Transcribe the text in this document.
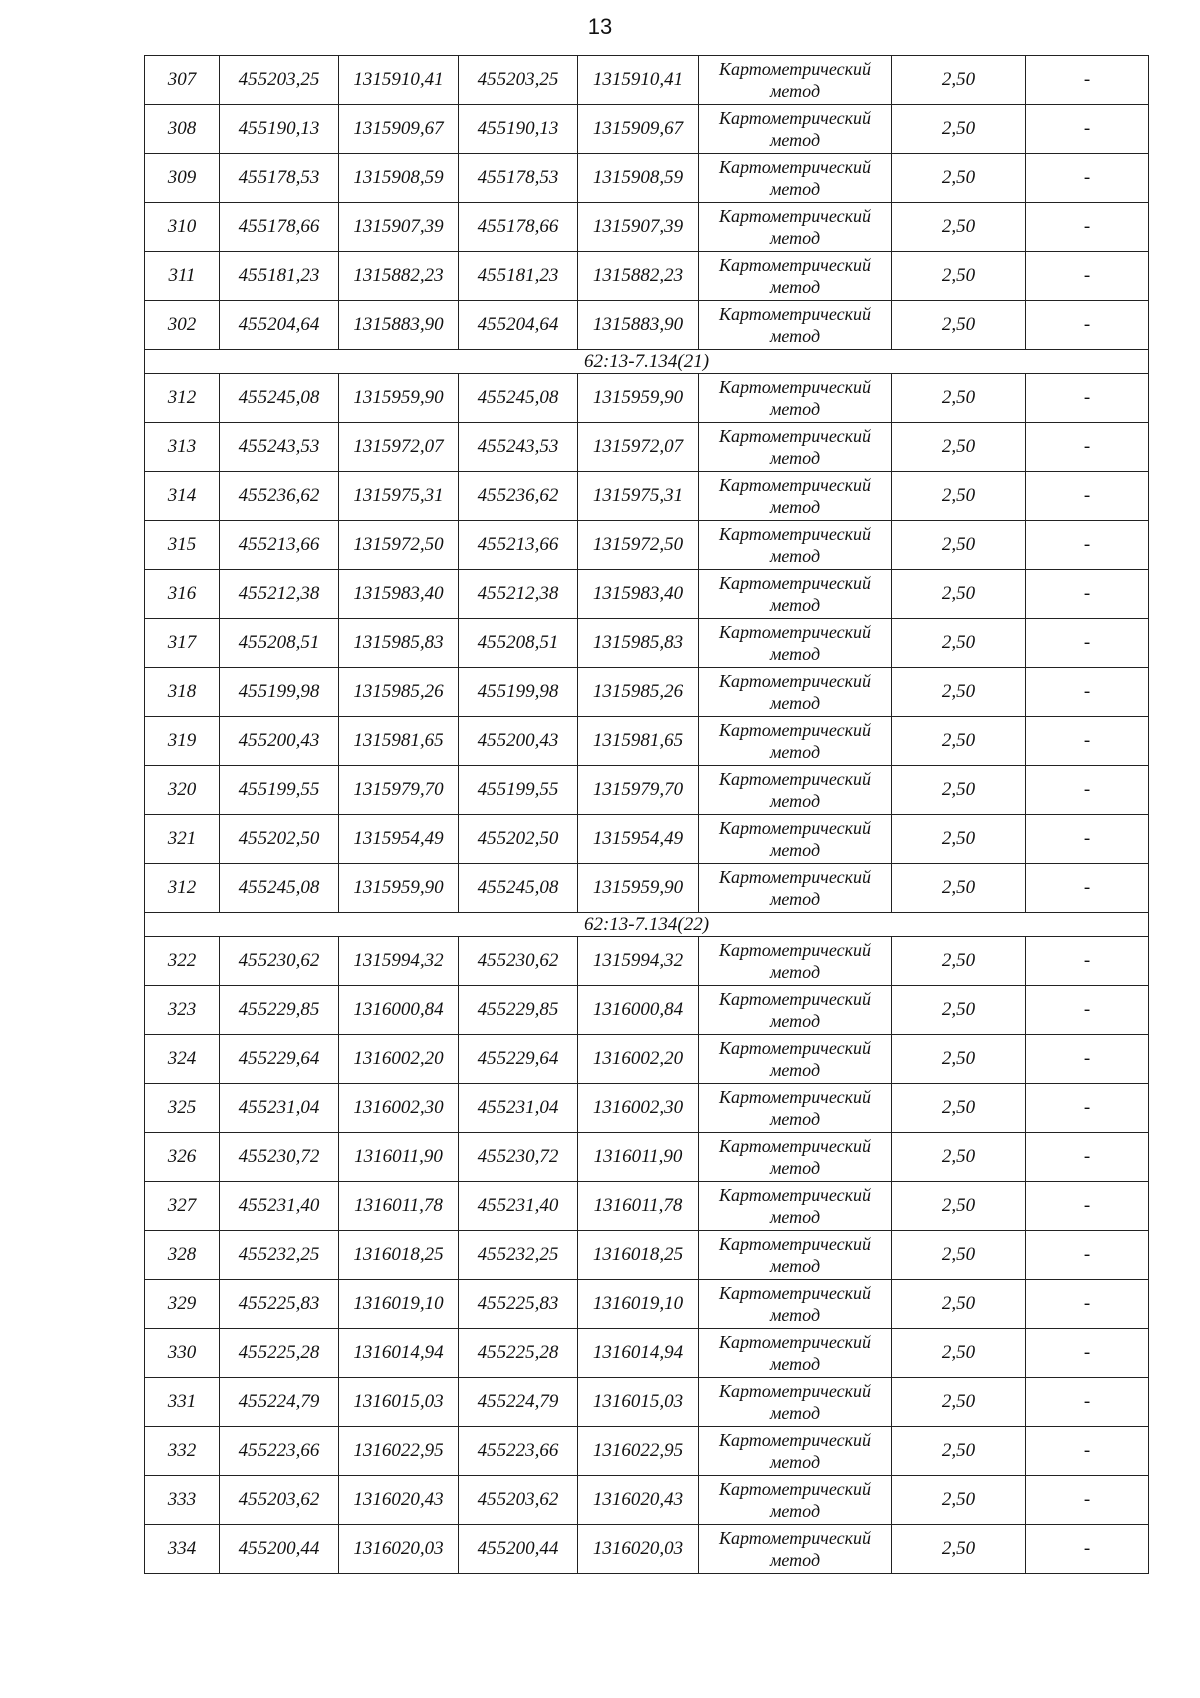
13
307	455203,25	1315910,41	455203,25	1315910,41	Картометрический метод	2,50	-
308	455190,13	1315909,67	455190,13	1315909,67	Картометрический метод	2,50	-
309	455178,53	1315908,59	455178,53	1315908,59	Картометрический метод	2,50	-
310	455178,66	1315907,39	455178,66	1315907,39	Картометрический метод	2,50	-
311	455181,23	1315882,23	455181,23	1315882,23	Картометрический метод	2,50	-
302	455204,64	1315883,90	455204,64	1315883,90	Картометрический метод	2,50	-
62:13-7.134(21)							
312	455245,08	1315959,90	455245,08	1315959,90	Картометрический метод	2,50	-
313	455243,53	1315972,07	455243,53	1315972,07	Картометрический метод	2,50	-
314	455236,62	1315975,31	455236,62	1315975,31	Картометрический метод	2,50	-
315	455213,66	1315972,50	455213,66	1315972,50	Картометрический метод	2,50	-
316	455212,38	1315983,40	455212,38	1315983,40	Картометрический метод	2,50	-
317	455208,51	1315985,83	455208,51	1315985,83	Картометрический метод	2,50	-
318	455199,98	1315985,26	455199,98	1315985,26	Картометрический метод	2,50	-
319	455200,43	1315981,65	455200,43	1315981,65	Картометрический метод	2,50	-
320	455199,55	1315979,70	455199,55	1315979,70	Картометрический метод	2,50	-
321	455202,50	1315954,49	455202,50	1315954,49	Картометрический метод	2,50	-
312	455245,08	1315959,90	455245,08	1315959,90	Картометрический метод	2,50	-
62:13-7.134(22)							
322	455230,62	1315994,32	455230,62	1315994,32	Картометрический метод	2,50	-
323	455229,85	1316000,84	455229,85	1316000,84	Картометрический метод	2,50	-
324	455229,64	1316002,20	455229,64	1316002,20	Картометрический метод	2,50	-
325	455231,04	1316002,30	455231,04	1316002,30	Картометрический метод	2,50	-
326	455230,72	1316011,90	455230,72	1316011,90	Картометрический метод	2,50	-
327	455231,40	1316011,78	455231,40	1316011,78	Картометрический метод	2,50	-
328	455232,25	1316018,25	455232,25	1316018,25	Картометрический метод	2,50	-
329	455225,83	1316019,10	455225,83	1316019,10	Картометрический метод	2,50	-
330	455225,28	1316014,94	455225,28	1316014,94	Картометрический метод	2,50	-
331	455224,79	1316015,03	455224,79	1316015,03	Картометрический метод	2,50	-
332	455223,66	1316022,95	455223,66	1316022,95	Картометрический метод	2,50	-
333	455203,62	1316020,43	455203,62	1316020,43	Картометрический метод	2,50	-
334	455200,44	1316020,03	455200,44	1316020,03	Картометрический метод	2,50	-
